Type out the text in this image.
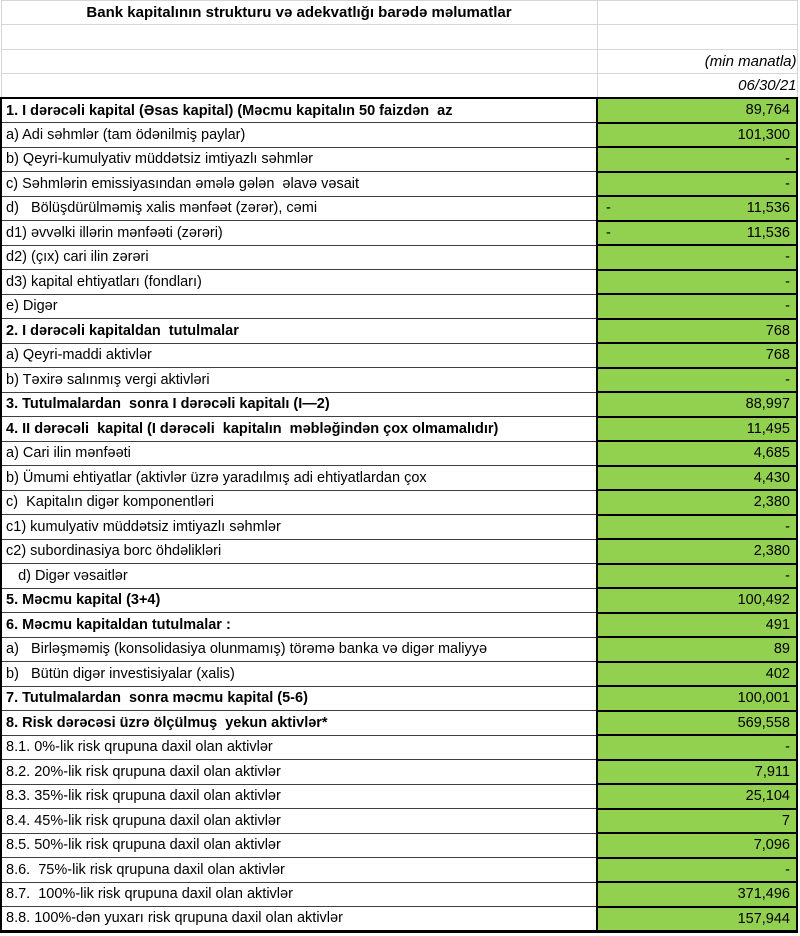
Bank kapitalının strukturu və adekvatlığı barədə məlumatlar	

	(min manatla)
	06/30/21
1. I dərəcəli kapital (Əsas kapital) (Məcmu kapitalın 50 faizdən  az	89,764
a) Adi səhmlər (tam ödənilmiş paylar)	101,300
b) Qeyri-kumulyativ müddətsiz imtiyazlı səhmlər	-
c) Səhmlərin emissiyasından əmələ gələn  əlavə vəsait	-
d)   Bölüşdürülməmiş xalis mənfəət (zərər), cəmi	- 11,536
d1) əvvəlki illərin mənfəəti (zərəri)	- 11,536
d2) (çıx) cari ilin zərəri	-
d3) kapital ehtiyatları (fondları)	-
e) Digər	-
2. I dərəcəli kapitaldan  tutulmalar	768
a) Qeyri-maddi aktivlər	768
b) Təxirə salınmış vergi aktivləri	-
3. Tutulmalardan  sonra I dərəcəli kapitalı (I—2)	88,997
4. II dərəcəli  kapital (I dərəcəli  kapitalın  məbləğindən çox olmamalıdır)	11,495
a) Cari ilin mənfəəti	4,685
b) Ümumi ehtiyatlar (aktivlər üzrə yaradılmış adi ehtiyatlardan çox	4,430
c)  Kapitalın digər komponentləri	2,380
c1) kumulyativ müddətsiz imtiyazlı səhmlər	-
c2) subordinasiya borc öhdəlikləri	2,380
d) Digər vəsaitlər	-
5. Məcmu kapital (3+4)	100,492
6. Məcmu kapitaldan tutulmalar :	491
a)   Birləşməmiş (konsolidasiya olunmamış) törəmə banka və digər maliyyə	89
b)   Bütün digər investisiyalar (xalis)	402
7. Tutulmalardan  sonra məcmu kapital (5-6)	100,001
8. Risk dərəcəsi üzrə ölçülmuş  yekun aktivlər*	569,558
8.1. 0%-lik risk qrupuna daxil olan aktivlər	-
8.2. 20%-lik risk qrupuna daxil olan aktivlər	7,911
8.3. 35%-lik risk qrupuna daxil olan aktivlər	25,104
8.4. 45%-lik risk qrupuna daxil olan aktivlər	7
8.5. 50%-lik risk qrupuna daxil olan aktivlər	7,096
8.6.  75%-lik risk qrupuna daxil olan aktivlər	-
8.7.  100%-lik risk qrupuna daxil olan aktivlər	371,496
8.8. 100%-dən yuxarı risk qrupuna daxil olan aktivlər	157,944
